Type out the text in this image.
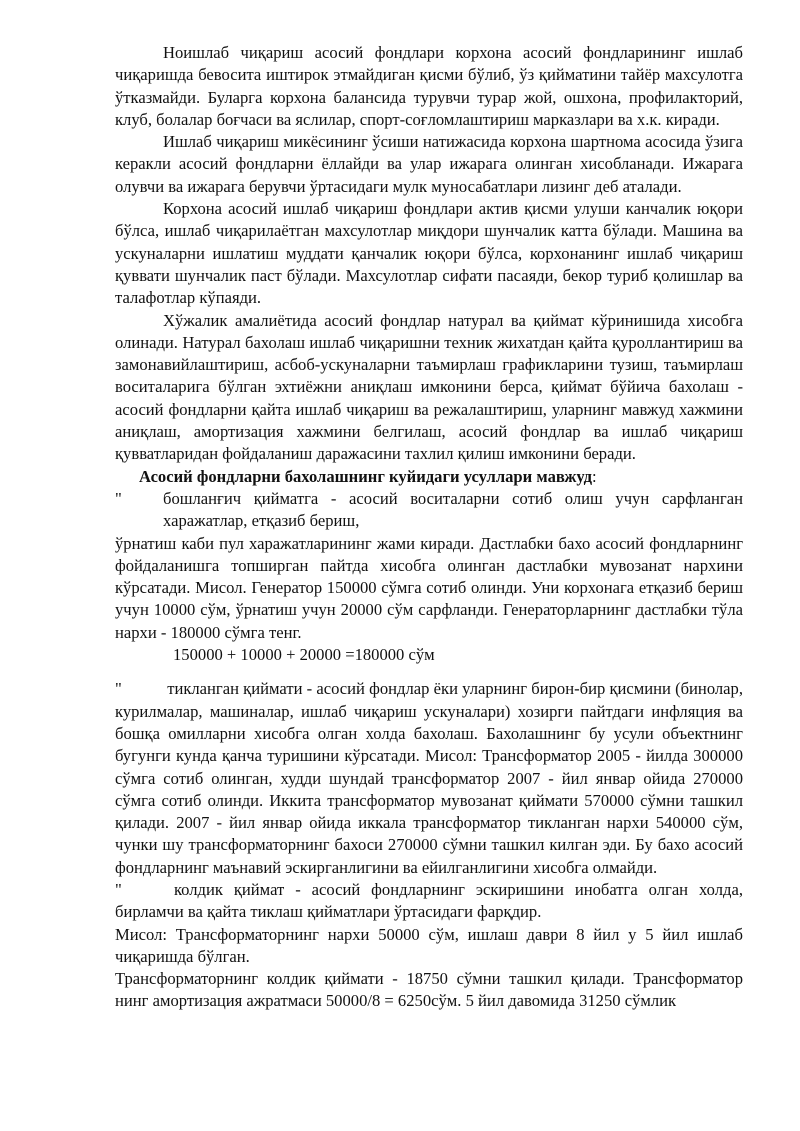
Ноишлаб чиқариш асосий фондлари корхона асосий фондларининг ишлаб чиқаришда бевосита иштирок этмайдиган қисми бўлиб, ўз қийматини тайёр махсулотга ўтказмайди. Буларга корхона балансида турувчи турар жой, ошхона, профилакторий, клуб, болалар боғчаси ва яслилар, спорт-соғломлаштириш марказлари ва х.к. киради.

Ишлаб чиқариш микёсининг ўсиши натижасида корхона шартнома асосида ўзига керакли асосий фондларни ёллайди ва улар ижарага олинган хисобланади. Ижарага олувчи ва ижарага берувчи ўртасидаги мулк муносабатлари лизинг деб аталади.

Корхона асосий ишлаб чиқариш фондлари актив қисми улуши канчалик юқори бўлса, ишлаб чиқарилаётган махсулотлар миқдори шунчалик катта бўлади. Машина ва ускуналарни ишлатиш муддати қанчалик юқори бўлса, корхонанинг ишлаб чиқариш қуввати шунчалик паст бўлади. Махсулотлар сифати пасаяди, бекор туриб қолишлар ва талафотлар кўпаяди.

Хўжалик амалиётида асосий фондлар натурал ва қиймат кўринишида хисобга олинади. Натурал бахолаш ишлаб чиқаришни техник жихатдан қайта қуроллантириш ва замонавийлаштириш, асбоб-ускуналарни таъмирлаш графикларини тузиш, таъмирлаш воситаларига бўлган эхтиёжни аниқлаш имконини берса, қиймат бўйича бахолаш - асосий фондларни қайта ишлаб чиқариш ва режалаштириш, уларнинг мавжуд хажмини аниқлаш, амортизация хажмини белгилаш, асосий фондлар ва ишлаб чиқариш қувватларидан фойдаланиш даражасини тахлил қилиш имконини беради.

Асосий фондларни бахолашнинг куйидаги усуллари мавжуд:

"	бошланғич қийматга - асосий воситаларни сотиб олиш учун сарфланган харажатлар, етқазиб бериш,

ўрнатиш каби пул харажатларининг жами киради. Дастлабки бахо асосий фондларнинг фойдаланишга топширган пайтда хисобга олинган дастлабки мувозанат нархини кўрсатади. Мисол. Генератор 150000 сўмга сотиб олинди. Уни корхонага етқазиб бериш учун 10000 сўм, ўрнатиш учун 20000 сўм сарфланди. Генераторларнинг дастлабки тўла нархи - 180000 сўмга тенг.

150000 + 10000 + 20000 =180000 сўм

"	тикланган қиймати - асосий фондлар ёки уларнинг бирон-бир қисмини (бинолар, курилмалар, машиналар, ишлаб чиқариш ускуналари) хозирги пайтдаги инфляция ва бошқа омилларни хисобга олган холда бахолаш. Бахолашнинг бу усули объектнинг бугунги кунда қанча туришини кўрсатади. Мисол: Трансформатор 2005 - йилда 300000 сўмга сотиб олинган, худди шундай трансформатор 2007 - йил январ ойида 270000 сўмга сотиб олинди. Иккита трансформатор мувозанат қиймати 570000 сўмни ташкил қилади. 2007 - йил январ ойида иккала трансформатор тикланган нархи 540000 сўм, чунки шу трансформаторнинг бахоси 270000 сўмни ташкил килган эди. Бу бахо асосий фондларнинг маънавий эскирганлигини ва ейилганлигини хисобга олмайди.
"	колдик қиймат - асосий фондларнинг эскиришини инобатга олган холда, бирламчи ва қайта тиклаш қийматлари ўртасидаги фарқдир.

Мисол: Трансформаторнинг нархи 50000 сўм, ишлаш даври 8 йил у 5 йил ишлаб чиқаришда бўлган.

Трансформаторнинг колдик қиймати - 18750 сўмни ташкил қилади. Трансформатор нинг амортизация ажратмаси 50000/8 = 6250сўм. 5 йил давомида 31250 сўмлик
